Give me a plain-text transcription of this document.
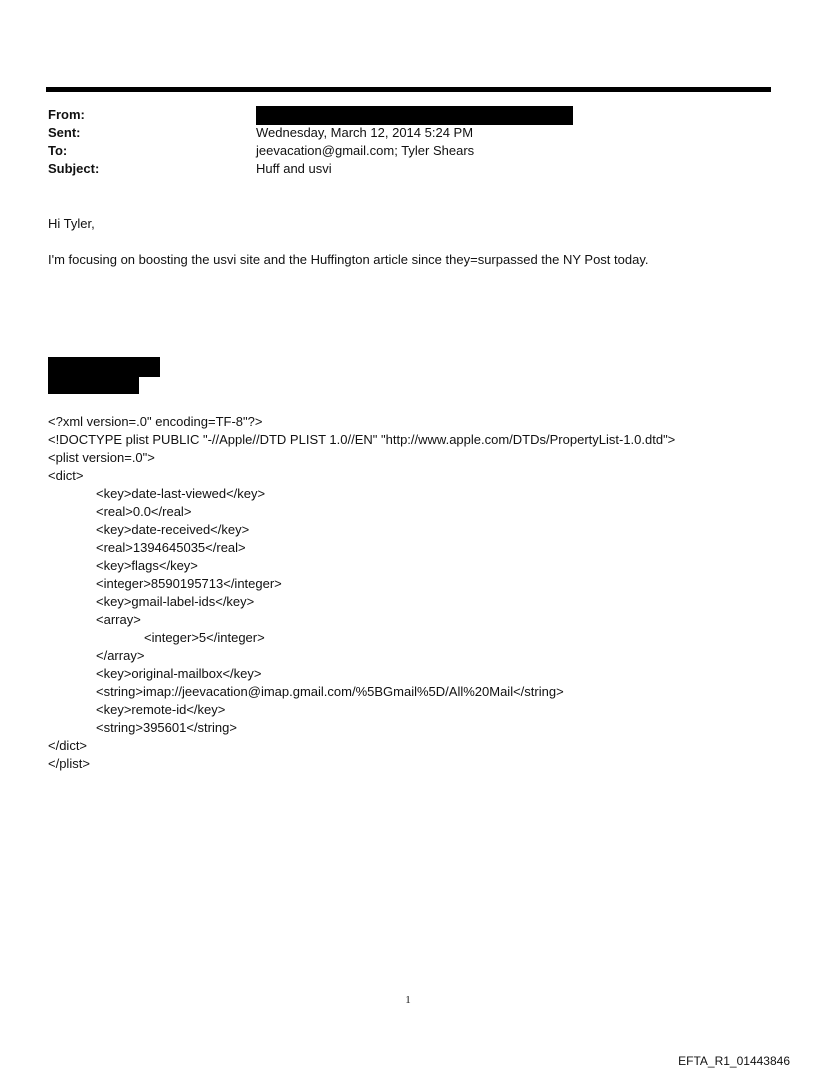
From:
Sent:	Wednesday, March 12, 2014 5:24 PM
To:	jeevacation@gmail.com; Tyler Shears
Subject:	Huff and usvi
Hi Tyler,
I'm focusing on boosting the usvi site and the Huffington article since they=surpassed the NY Post today.
<?xml version=.0" encoding=TF-8"?>
<!DOCTYPE plist PUBLIC "-//Apple//DTD PLIST 1.0//EN" "http://www.apple.com/DTDs/PropertyList-1.0.dtd">
<plist version=.0">
<dict>
<key>date-last-viewed</key>
<real>0.0</real>
<key>date-received</key>
<real>1394645035</real>
<key>flags</key>
<integer>8590195713</integer>
<key>gmail-label-ids</key>
<array>
<integer>5</integer>
</array>
<key>original-mailbox</key>
<string>imap://jeevacation@imap.gmail.com/%5BGmail%5D/All%20Mail</string>
<key>remote-id</key>
<string>395601</string>
</dict>
</plist>
1
EFTA_R1_01443846
